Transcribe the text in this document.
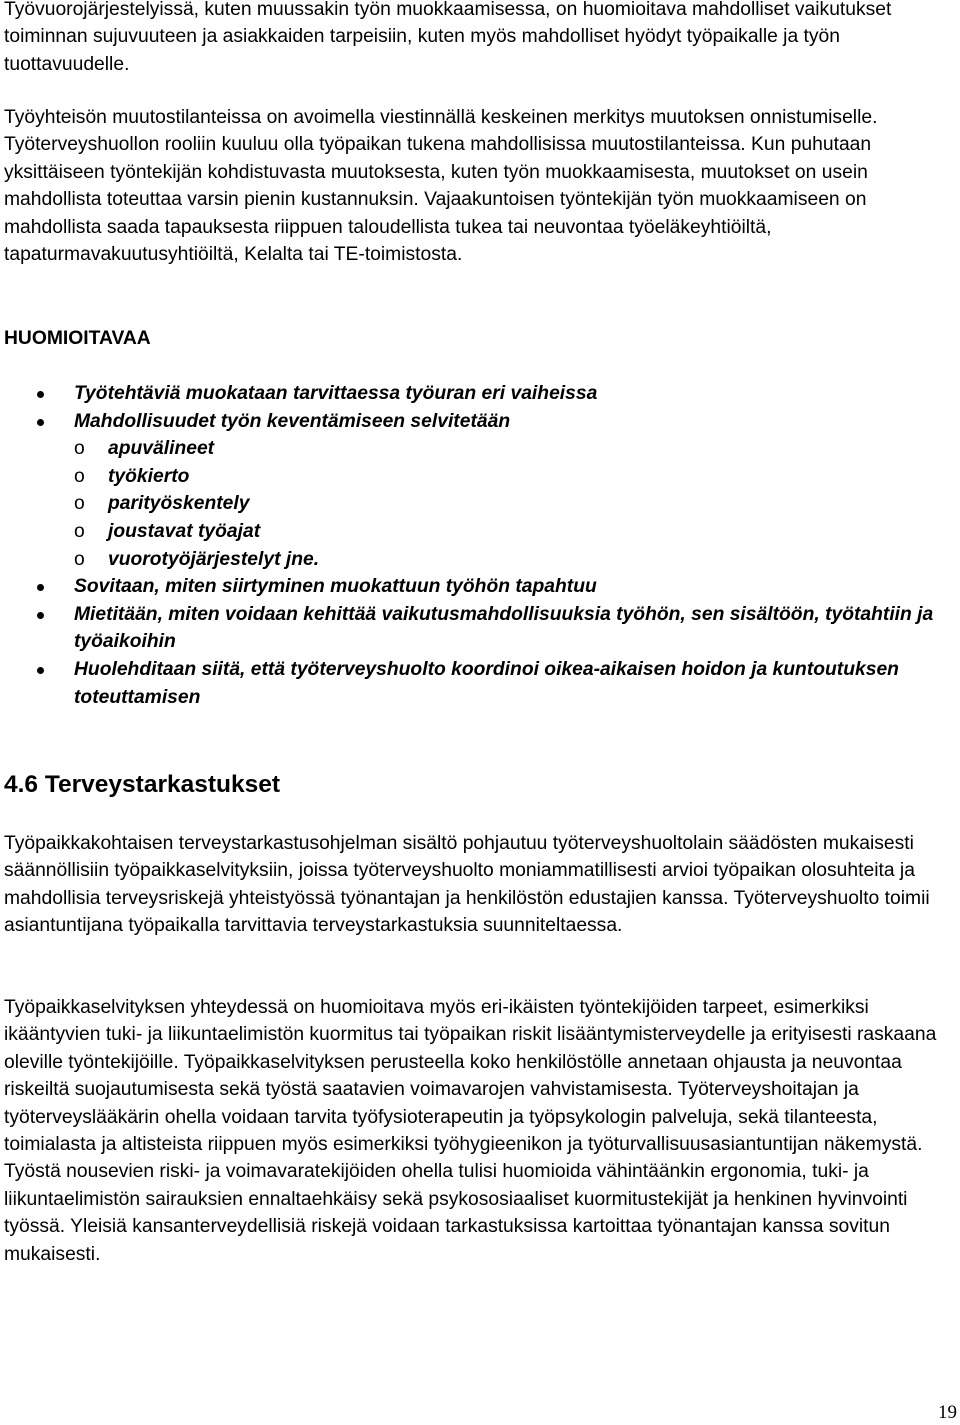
Työvuorojärjestelyissä, kuten muussakin työn muokkaamisessa, on huomioitava mahdolliset vaikutukset toiminnan sujuvuuteen ja asiakkaiden tarpeisiin, kuten myös mahdolliset hyödyt työpaikalle ja työn tuottavuudelle.

Työyhteisön muutostilanteissa on avoimella viestinnällä keskeinen merkitys muutoksen onnistumiselle. Työterveyshuollon rooliin kuuluu olla työpaikan tukena mahdollisissa muutostilanteissa. Kun puhutaan yksittäiseen työntekijän kohdistuvasta muutoksesta, kuten työn muokkaamisesta, muutokset on usein mahdollista toteuttaa varsin pienin kustannuksin. Vajaakuntoisen työntekijän työn muokkaamiseen on mahdollista saada tapauksesta riippuen taloudellista tukea tai neuvontaa työeläkeyhtiöiltä, tapaturmavakuutusyhtiöiltä, Kelalta tai TE-toimistosta.

HUOMIOITAVAA
Työtehtäviä muokataan tarvittaessa työuran eri vaiheissa
Mahdollisuudet työn keventämiseen selvitetään
o apuvälineet
o työkierto
o parityöskentely
o joustavat työajat
o vuorotyöjärjestelyt jne.
Sovitaan, miten siirtyminen muokattuun työhön tapahtuu
Mietitään, miten voidaan kehittää vaikutusmahdollisuuksia työhön, sen sisältöön, työtahtiin ja työaikoihin
Huolehditaan siitä, että työterveyshuolto koordinoi oikea-aikaisen hoidon ja kuntoutuksen toteuttamisen
4.6 Terveystarkastukset

Työpaikkakohtaisen terveystarkastusohjelman sisältö pohjautuu työterveyshuoltolain säädösten mukaisesti säännöllisiin työpaikkaselvityksiin, joissa työterveyshuolto moniammatillisesti arvioi työpaikan olosuhteita ja mahdollisia terveysriskejä yhteistyössä työnantajan ja henkilöstön edustajien kanssa. Työterveyshuolto toimii asiantuntijana työpaikalla tarvittavia terveystarkastuksia suunniteltaessa.

Työpaikkaselvityksen yhteydessä on huomioitava myös eri-ikäisten työntekijöiden tarpeet, esimerkiksi ikääntyvien tuki- ja liikuntaelimistön kuormitus tai työpaikan riskit lisääntymisterveydelle ja erityisesti raskaana oleville työntekijöille. Työpaikkaselvityksen perusteella koko henkilöstölle annetaan ohjausta ja neuvontaa riskeiltä suojautumisesta sekä työstä saatavien voimavarojen vahvistamisesta. Työterveyshoitajan ja työterveyslääkärin ohella voidaan tarvita työfysioterapeutin ja työpsykologin palveluja, sekä tilanteesta, toimialasta ja altisteista riippuen myös esimerkiksi työhygieenikon ja työturvallisuusasiantuntijan näkemystä. Työstä nousevien riski- ja voimavaratekijöiden ohella tulisi huomioida vähintäänkin ergonomia, tuki- ja liikuntaelimistön sairauksien ennaltaehkäisy sekä psykososiaaliset kuormitustekijät ja henkinen hyvinvointi työssä. Yleisiä kansanterveydellisiä riskejä voidaan tarkastuksissa kartoittaa työnantajan kanssa sovitun mukaisesti.

19
